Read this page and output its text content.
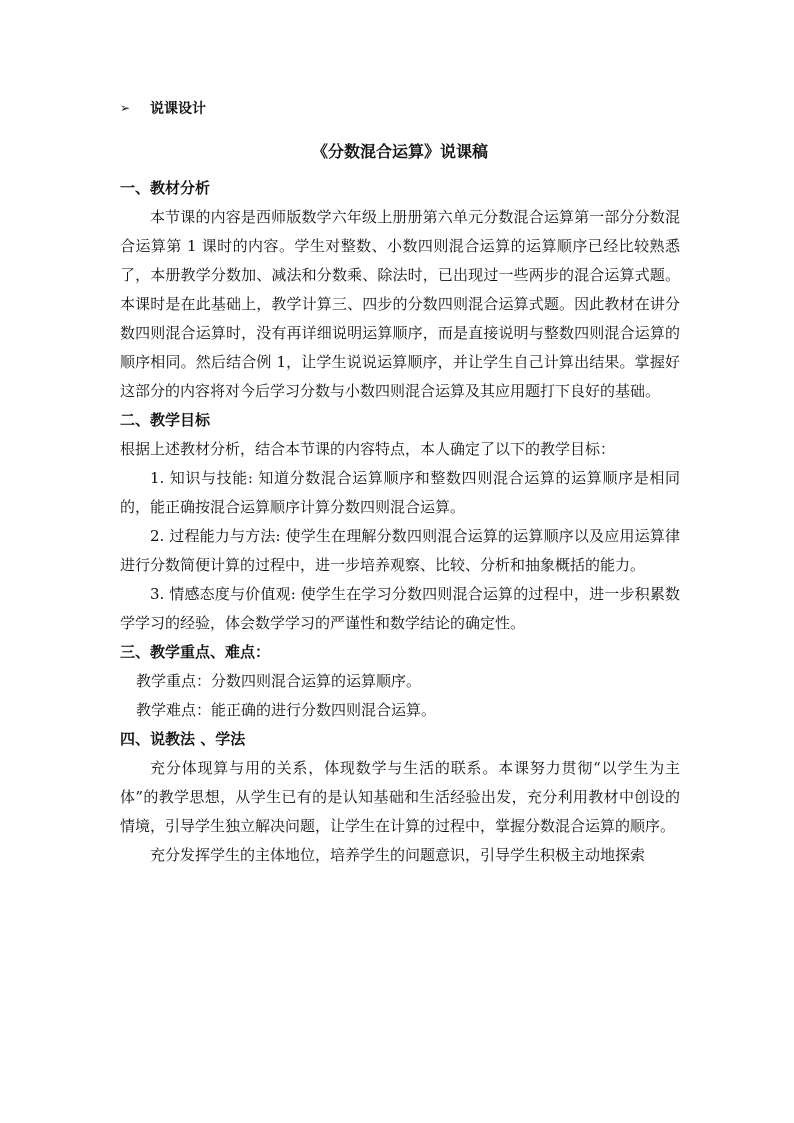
➢	说课设计
《分数混合运算》说课稿
一、教材分析

本节课的内容是西师版数学六年级上册册第六单元分数混合运算第一部分分数混合运算第 1 课时的内容。学生对整数、小数四则混合运算的运算顺序已经比较熟悉了，本册教学分数加、减法和分数乘、除法时，已出现过一些两步的混合运算式题。本课时是在此基础上，教学计算三、四步的分数四则混合运算式题。因此教材在讲分数四则混合运算时，没有再详细说明运算顺序，而是直接说明与整数四则混合运算的顺序相同。然后结合例 1，让学生说说运算顺序，并让学生自己计算出结果。掌握好这部分的内容将对今后学习分数与小数四则混合运算及其应用题打下良好的基础。

二、教学目标

根据上述教材分析，结合本节课的内容特点，本人确定了以下的教学目标：

1. 知识与技能: 知道分数混合运算顺序和整数四则混合运算的运算顺序是相同的，能正确按混合运算顺序计算分数四则混合运算。

2. 过程能力与方法: 使学生在理解分数四则混合运算的运算顺序以及应用运算律进行分数简便计算的过程中，进一步培养观察、比较、分析和抽象概括的能力。

3. 情感态度与价值观: 使学生在学习分数四则混合运算的过程中，进一步积累数学学习的经验，体会数学学习的严谨性和数学结论的确定性。

三、教学重点、难点：

教学重点：分数四则混合运算的运算顺序。

教学难点：能正确的进行分数四则混合运算。

四、说教法 、学法

充分体现算与用的关系，体现数学与生活的联系。本课努力贯彻“以学生为主体”的教学思想，从学生已有的是认知基础和生活经验出发，充分利用教材中创设的情境，引导学生独立解决问题，让学生在计算的过程中，掌握分数混合运算的顺序。

充分发挥学生的主体地位，培养学生的问题意识，引导学生积极主动地探索
